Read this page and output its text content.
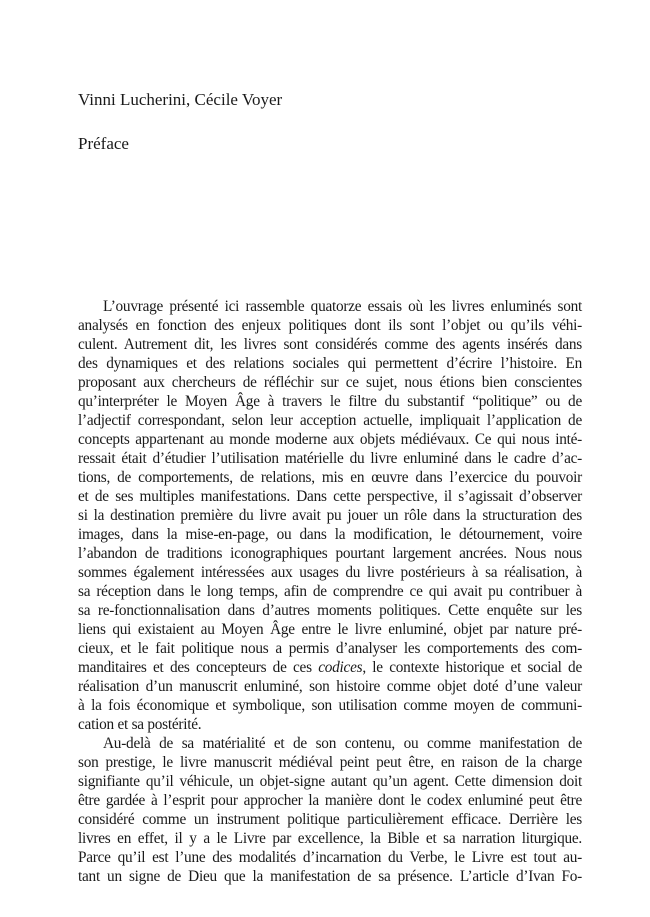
Vinni Lucherini, Cécile Voyer
Préface
L’ouvrage présenté ici rassemble quatorze essais où les livres enluminés sont
analysés en fonction des enjeux politiques dont ils sont l’objet ou qu’ils véhi-
culent. Autrement dit, les livres sont considérés comme des agents insérés dans
des dynamiques et des relations sociales qui permettent d’écrire l’histoire. En
proposant aux chercheurs de réfléchir sur ce sujet, nous étions bien conscientes
qu’interpréter le Moyen Âge à travers le filtre du substantif “politique” ou de
l’adjectif correspondant, selon leur acception actuelle, impliquait l’application de
concepts appartenant au monde moderne aux objets médiévaux. Ce qui nous inté-
ressait était d’étudier l’utilisation matérielle du livre enluminé dans le cadre d’ac-
tions, de comportements, de relations, mis en œuvre dans l’exercice du pouvoir
et de ses multiples manifestations. Dans cette perspective, il s’agissait d’observer
si la destination première du livre avait pu jouer un rôle dans la structuration des
images, dans la mise-en-page, ou dans la modification, le détournement, voire
l’abandon de traditions iconographiques pourtant largement ancrées. Nous nous
sommes également intéressées aux usages du livre postérieurs à sa réalisation, à
sa réception dans le long temps, afin de comprendre ce qui avait pu contribuer à
sa re-fonctionnalisation dans d’autres moments politiques. Cette enquête sur les
liens qui existaient au Moyen Âge entre le livre enluminé, objet par nature pré-
cieux, et le fait politique nous a permis d’analyser les comportements des com-
manditaires et des concepteurs de ces codices, le contexte historique et social de
réalisation d’un manuscrit enluminé, son histoire comme objet doté d’une valeur
à la fois économique et symbolique, son utilisation comme moyen de communi-
cation et sa postérité.
Au-delà de sa matérialité et de son contenu, ou comme manifestation de
son prestige, le livre manuscrit médiéval peint peut être, en raison de la charge
signifiante qu’il véhicule, un objet-signe autant qu’un agent. Cette dimension doit
être gardée à l’esprit pour approcher la manière dont le codex enluminé peut être
considéré comme un instrument politique particulièrement efficace. Derrière les
livres en effet, il y a le Livre par excellence, la Bible et sa narration liturgique.
Parce qu’il est l’une des modalités d’incarnation du Verbe, le Livre est tout au-
tant un signe de Dieu que la manifestation de sa présence. L’article d’Ivan Fo-
